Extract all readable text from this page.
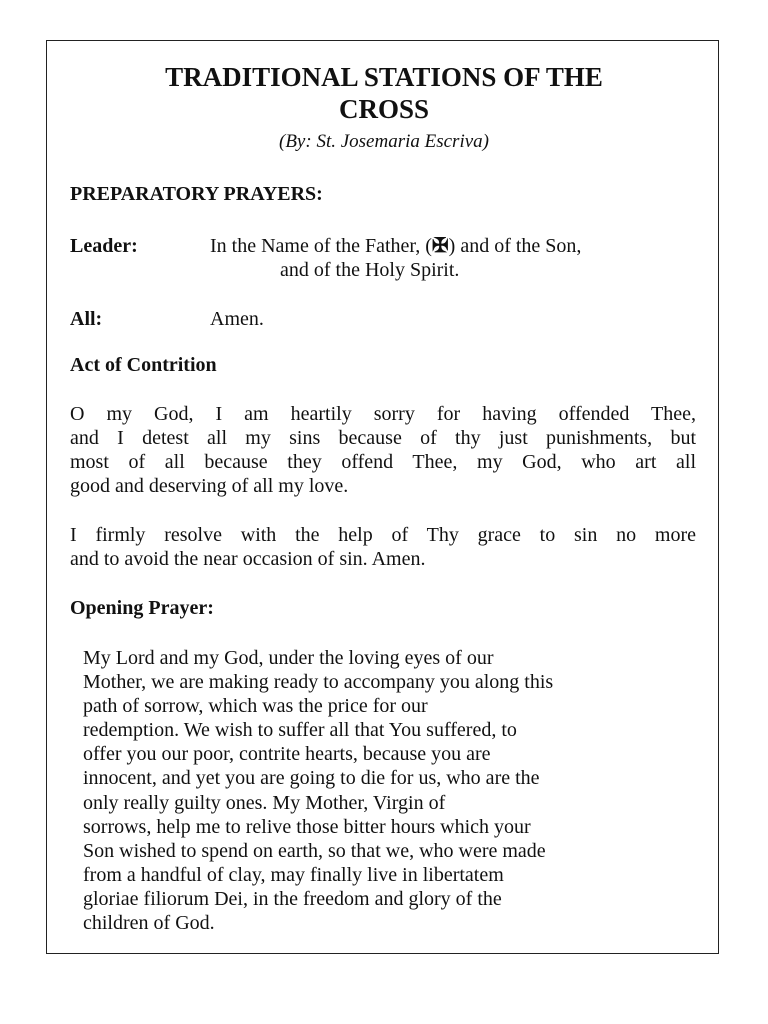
TRADITIONAL STATIONS OF THE
CROSS
(By: St. Josemaria Escriva)
PREPARATORY PRAYERS:
Leader:	In the Name of the Father, (✠) and of the Son,
and of the Holy Spirit.
All:	Amen.
Act of Contrition
O my God, I am heartily sorry for having offended Thee,
and I detest all my sins because of thy just punishments, but
most of all because they offend Thee, my God, who art all
good and deserving of all my love.
I firmly resolve with the help of Thy grace to sin no more
and to avoid the near occasion of sin. Amen.
Opening Prayer:
My Lord and my God, under the loving eyes of our
Mother, we are making ready to accompany you along this
path of sorrow, which was the price for our
redemption. We wish to suffer all that You suffered, to
offer you our poor, contrite hearts, because you are
innocent, and yet you are going to die for us, who are the
only really guilty ones. My Mother, Virgin of
sorrows, help me to relive those bitter hours which your
Son wished to spend on earth, so that we, who were made
from a handful of clay, may finally live in libertatem
gloriae filiorum Dei, in the freedom and glory of the
children of God.
